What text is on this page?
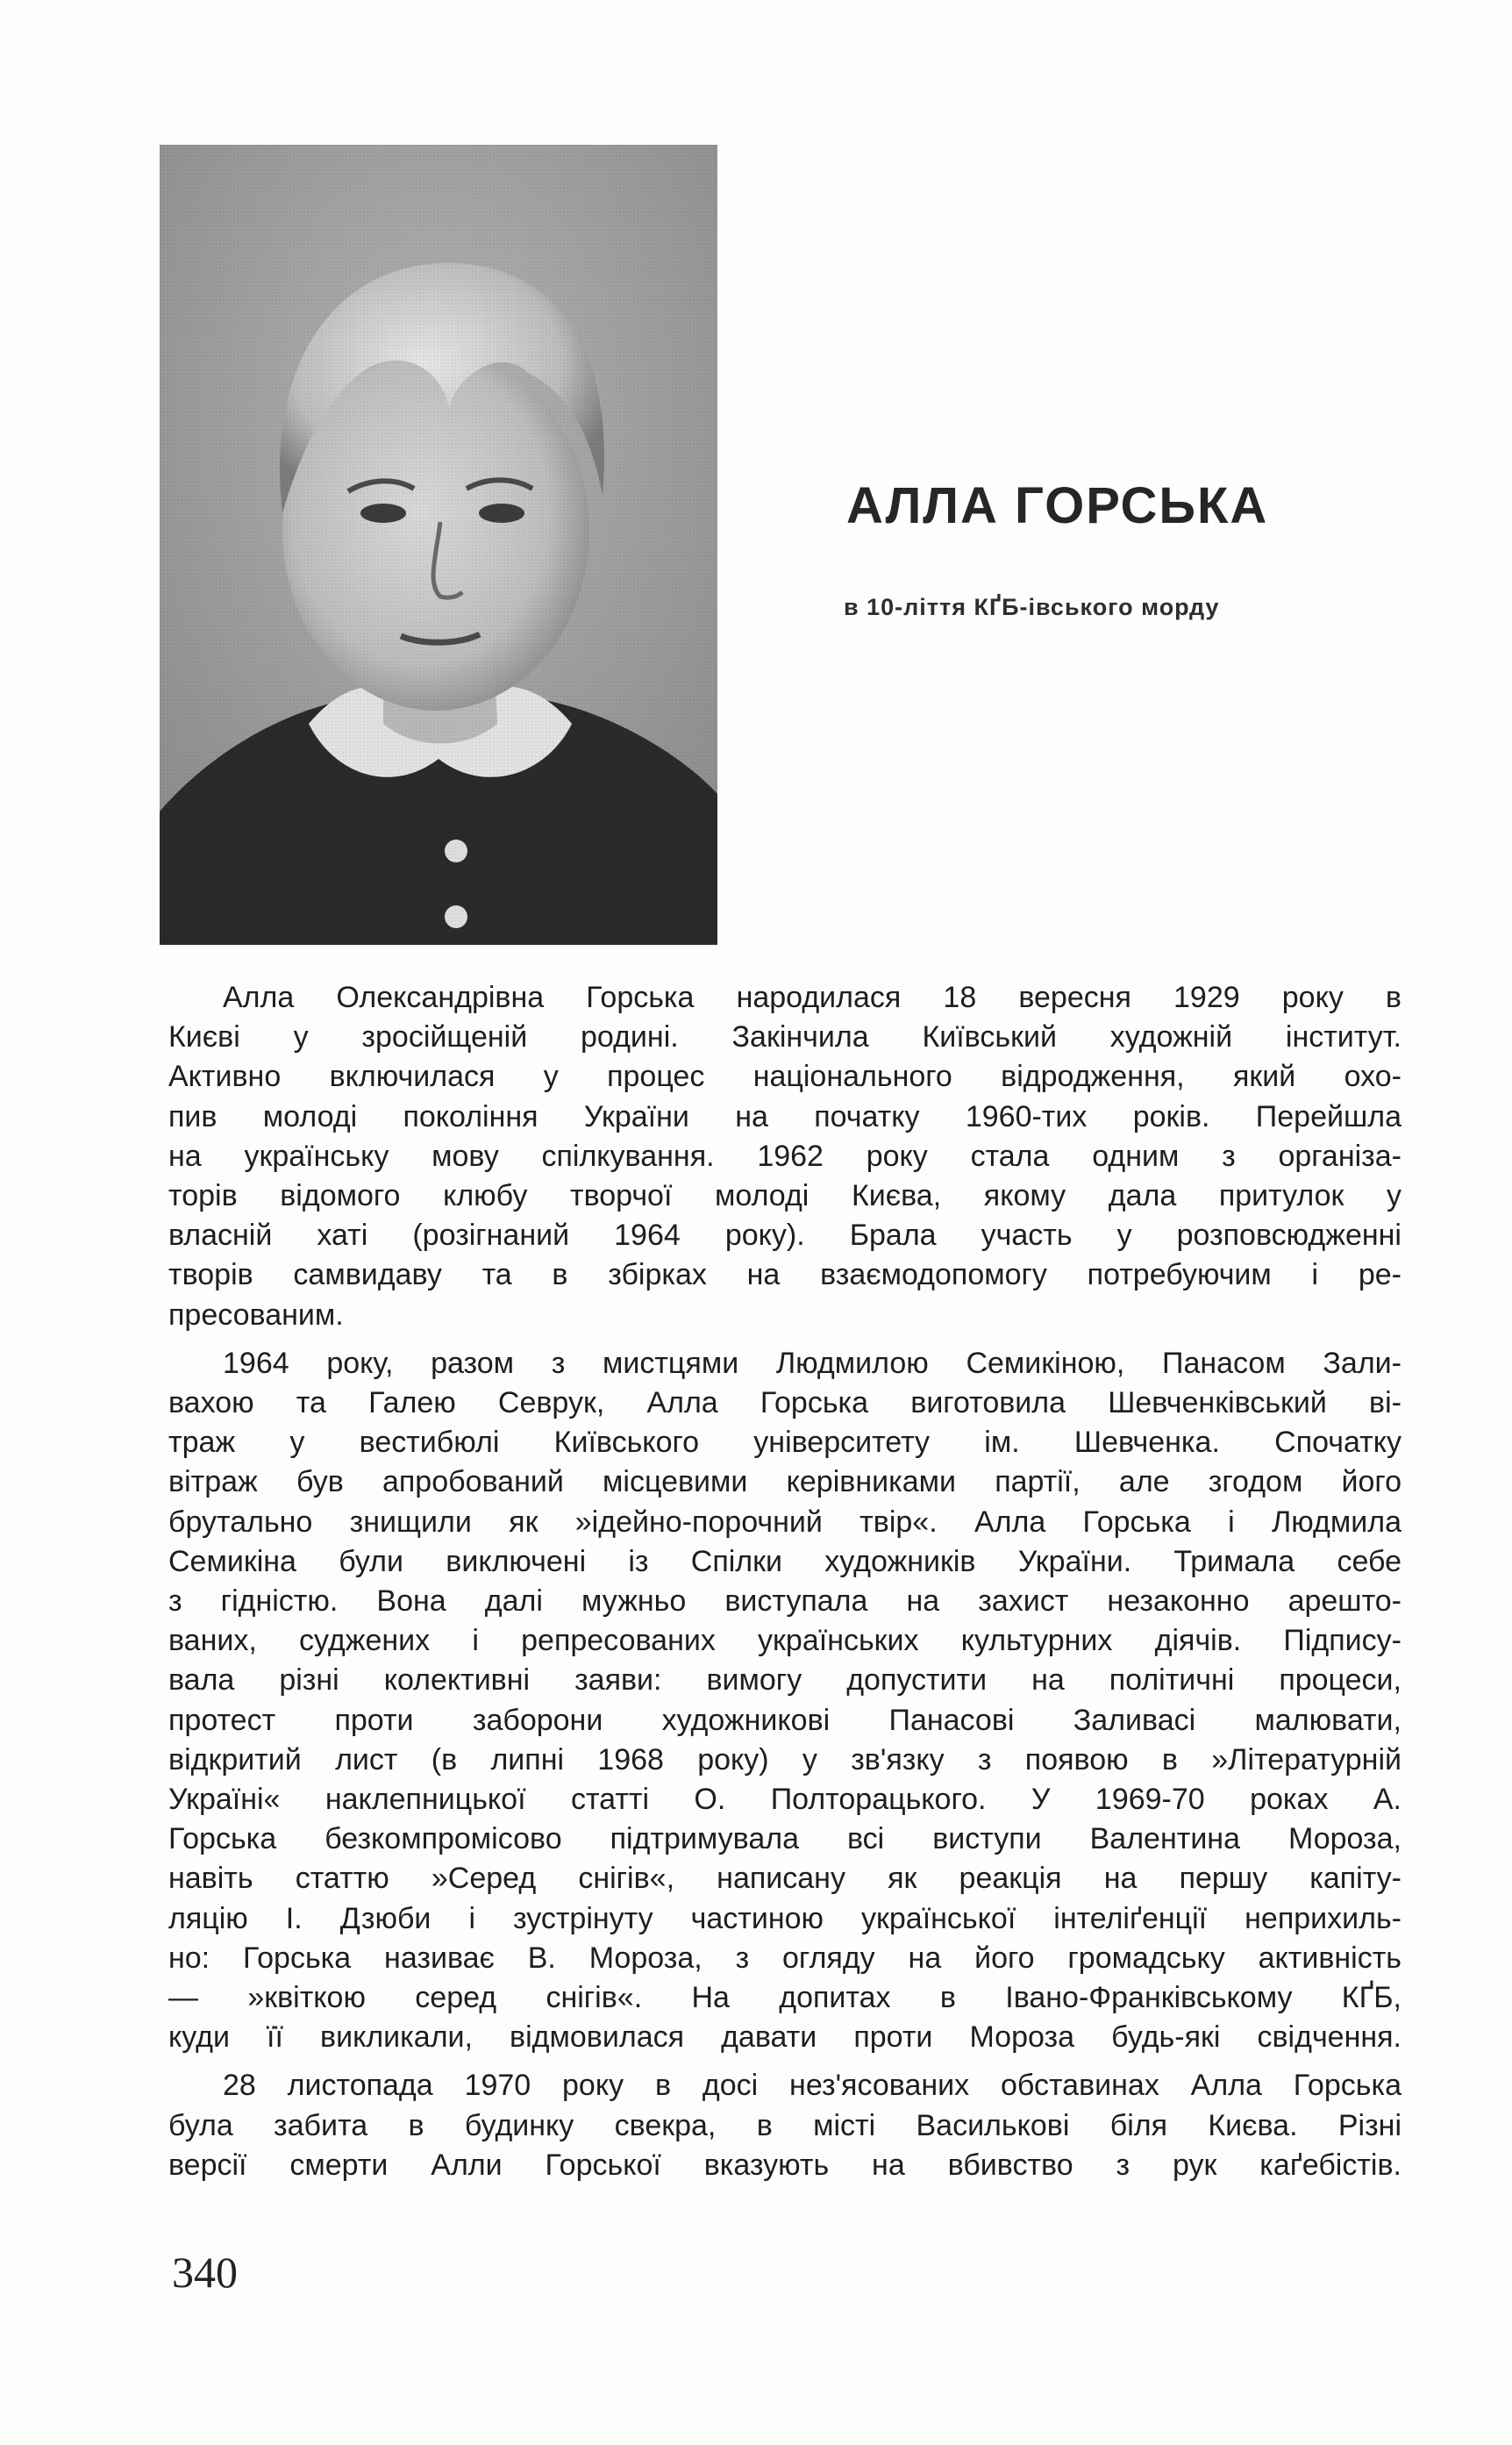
АЛЛА ГОРСЬКА
в 10-ліття КҐБ-івського морду

Алла Олександрівна Горська народилася 18 вересня 1929 року в
Києві у зросійщеній родині. Закінчила Київський художній інститут.
Активно включилася у процес національного відродження, який охо-
пив молоді покоління України на початку 1960-тих років. Перейшла
на українську мову спілкування. 1962 року стала одним з організа-
торів відомого клюбу творчої молоді Києва, якому дала притулок у
власній хаті (розігнаний 1964 року). Брала участь у розповсюдженні
творів самвидаву та в збірках на взаємодопомогу потребуючим і ре-
пресованим.

1964 року, разом з мистцями Людмилою Семикіною, Панасом Зали-
вахою та Галею Севрук, Алла Горська виготовила Шевченківський ві-
траж у вестибюлі Київського університету ім. Шевченка. Спочатку
вітраж був апробований місцевими керівниками партії, але згодом його
брутально знищили як »ідейно-порочний твір«. Алла Горська і Людмила
Семикіна були виключені із Спілки художників України. Тримала себе
з гідністю. Вона далі мужньо виступала на захист незаконно арешто-
ваних, суджених і репресованих українських культурних діячів. Підпису-
вала різні колективні заяви: вимогу допустити на політичні процеси,
протест проти заборони художникові Панасові Заливасі малювати,
відкритий лист (в липні 1968 року) у зв'язку з появою в »Літературній
Україні« наклепницької статті О. Полторацького. У 1969-70 роках А.
Горська безкомпромісово підтримувала всі виступи Валентина Мороза,
навіть статтю »Серед снігів«, написану як реакція на першу капіту-
ляцію І. Дзюби і зустрінуту частиною української інтеліґенції неприхиль-
но: Горська називає В. Мороза, з огляду на його громадську активність
— »квіткою серед снігів«. На допитах в Івано-Франківському КҐБ,
куди її викликали, відмовилася давати проти Мороза будь-які свідчення.

28 листопада 1970 року в досі нез'ясованих обставинах Алла Горська
була забита в будинку свекра, в місті Василькові біля Києва. Різні
версії смерти Алли Горської вказують на вбивство з рук каґебістів.

340
